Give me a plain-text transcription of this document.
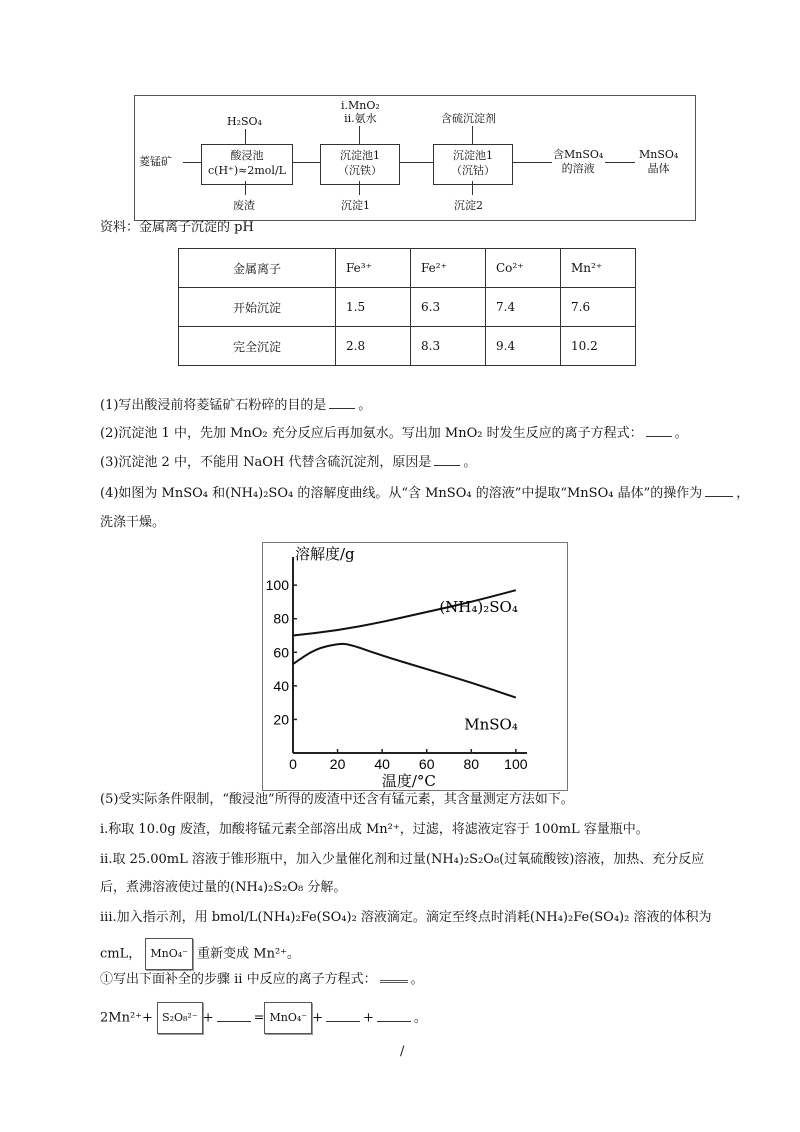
菱锰矿	酸浸池
c(H⁺)≈2mol/L
沉淀池1
（沉铁）
沉淀池1
（沉钴）
含MnSO₄
的溶液
MnSO₄
晶体
H₂SO₄
i.MnO₂
ii.氨水	含硫沉淀剂
废渣	沉淀1	沉淀2
资料：金属离子沉淀的 pH
金属离子	Fe³⁺	Fe²⁺	Co²⁺	Mn²⁺
开始沉淀	1.5	6.3	7.4	7.6
完全沉淀	2.8	8.3	9.4	10.2
(1)写出酸浸前将菱锰矿石粉碎的目的是 。
(2)沉淀池 1 中，先加 MnO₂ 充分反应后再加氨水。写出加 MnO₂ 时发生反应的离子方程式： 。
(3)沉淀池 2 中，不能用 NaOH 代替含硫沉淀剂，原因是 。
(4)如图为 MnSO₄ 和(NH₄)₂SO₄ 的溶解度曲线。从“含 MnSO₄ 的溶液”中提取“MnSO₄ 晶体”的操作为	，
洗涤干燥。
0 20 40 60 80 100
20
40
60
80
100
溶解度/g
温度/°C
(NH₄)₂SO₄
MnSO₄
(5)受实际条件限制，“酸浸池”所得的废渣中还含有锰元素，其含量测定方法如下。
i.称取 10.0g 废渣，加酸将锰元素全部溶出成 Mn²⁺，过滤，将滤液定容于 100mL 容量瓶中。
ii.取 25.00mL 溶液于锥形瓶中，加入少量催化剂和过量(NH₄)₂S₂O₈(过氧硫酸铵)溶液，加热、充分反应
后，煮沸溶液使过量的(NH₄)₂S₂O₈ 分解。
iii.加入指示剂，用 bmol/L(NH₄)₂Fe(SO₄)₂ 溶液滴定。滴定至终点时消耗(NH₄)₂Fe(SO₄)₂ 溶液的体积为
cmL， MnO₄⁻ 重新变成 Mn²⁺。
①写出下面补全的步骤 ii 中反应的离子方程式：	。
2Mn²⁺+ S₂O₈²⁻ +	= MnO₄⁻ +	+	。
/
